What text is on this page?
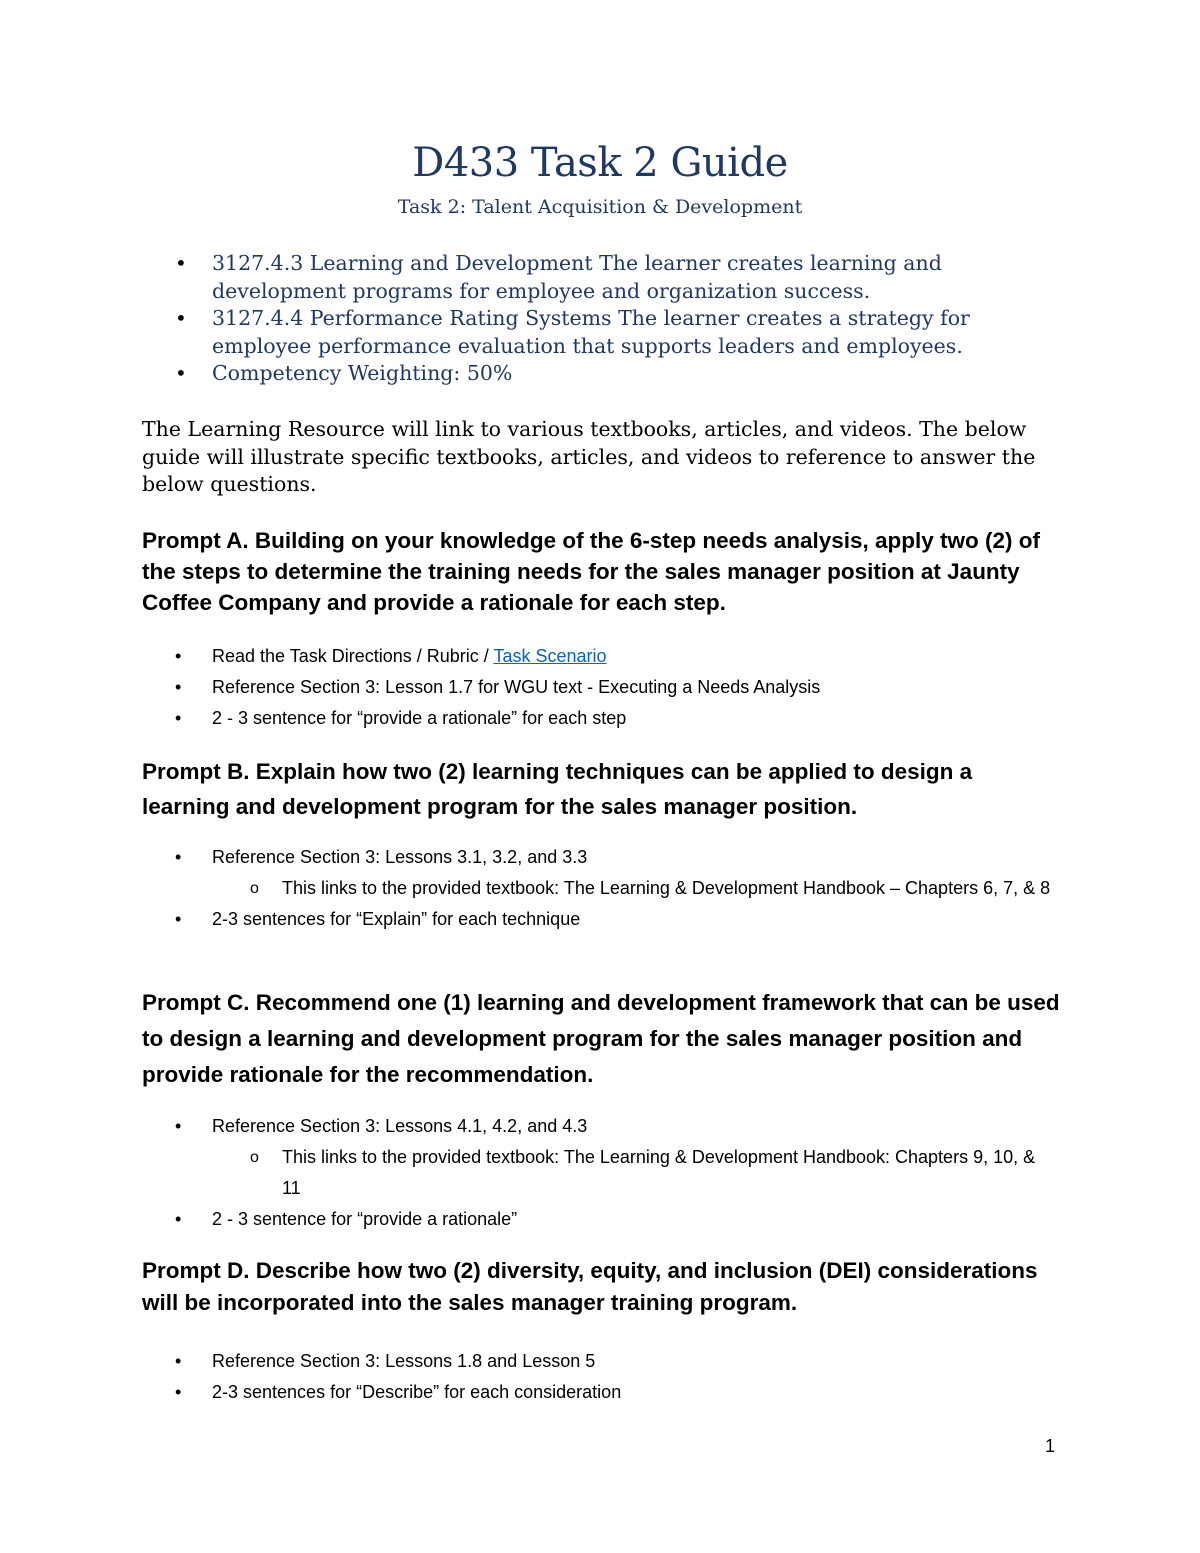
D433 Task 2 Guide
Task 2: Talent Acquisition & Development
• 3127.4.3 Learning and Development The learner creates learning and development programs for employee and organization success.
• 3127.4.4 Performance Rating Systems The learner creates a strategy for employee performance evaluation that supports leaders and employees.
• Competency Weighting: 50%

The Learning Resource will link to various textbooks, articles, and videos. The below guide will illustrate specific textbooks, articles, and videos to reference to answer the below questions.

Prompt A. Building on your knowledge of the 6-step needs analysis, apply two (2) of the steps to determine the training needs for the sales manager position at Jaunty Coffee Company and provide a rationale for each step.

• Read the Task Directions / Rubric / Task Scenario
• Reference Section 3: Lesson 1.7 for WGU text - Executing a Needs Analysis
• 2 - 3 sentence for “provide a rationale” for each step

Prompt B. Explain how two (2) learning techniques can be applied to design a learning and development program for the sales manager position.

• Reference Section 3: Lessons 3.1, 3.2, and 3.3
o This links to the provided textbook: The Learning & Development Handbook – Chapters 6, 7, & 8
• 2-3 sentences for “Explain” for each technique

Prompt C. Recommend one (1) learning and development framework that can be used to design a learning and development program for the sales manager position and provide rationale for the recommendation.

• Reference Section 3: Lessons 4.1, 4.2, and 4.3
o This links to the provided textbook: The Learning & Development Handbook: Chapters 9, 10, & 11
• 2 - 3 sentence for “provide a rationale”

Prompt D. Describe how two (2) diversity, equity, and inclusion (DEI) considerations will be incorporated into the sales manager training program.

• Reference Section 3: Lessons 1.8 and Lesson 5
• 2-3 sentences for “Describe” for each consideration
1
